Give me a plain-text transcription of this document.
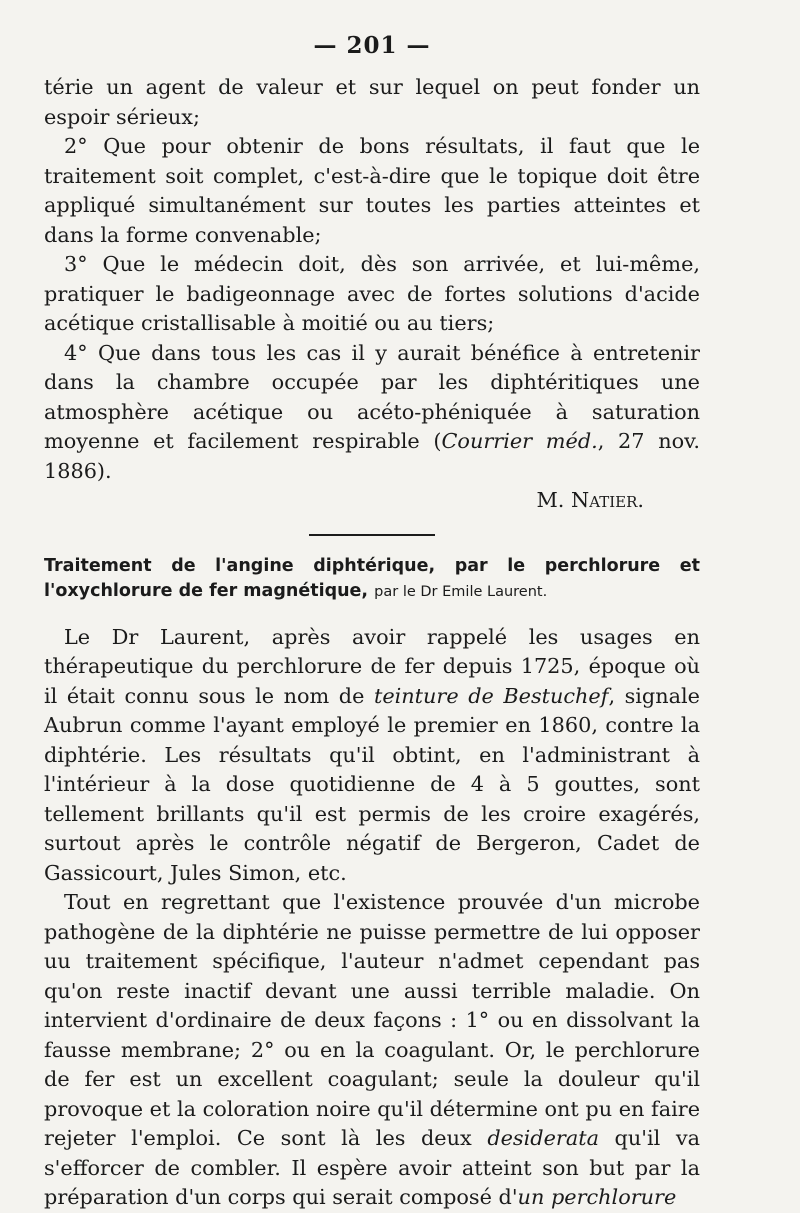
— 201 —

térie un agent de valeur et sur lequel on peut fonder un espoir sérieux;

2° Que pour obtenir de bons résultats, il faut que le traitement soit complet, c'est-à-dire que le topique doit être appliqué simultanément sur toutes les parties atteintes et dans la forme convenable;

3° Que le médecin doit, dès son arrivée, et lui-même, pratiquer le badigeonnage avec de fortes solutions d'acide acétique cristallisable à moitié ou au tiers;

4° Que dans tous les cas il y aurait bénéfice à entretenir dans la chambre occupée par les diphtéritiques une atmosphère acétique ou acéto-phéniquée à saturation moyenne et facilement respirable (Courrier méd., 27 nov. 1886).

M. Natier.
Traitement de l'angine diphtérique, par le perchlorure et l'oxychlorure de fer magnétique, par le Dr Emile Laurent.

Le Dr Laurent, après avoir rappelé les usages en thérapeutique du perchlorure de fer depuis 1725, époque où il était connu sous le nom de teinture de Bestuchef, signale Aubrun comme l'ayant employé le premier en 1860, contre la diphtérie. Les résultats qu'il obtint, en l'administrant à l'intérieur à la dose quotidienne de 4 à 5 gouttes, sont tellement brillants qu'il est permis de les croire exagérés, surtout après le contrôle négatif de Bergeron, Cadet de Gassicourt, Jules Simon, etc.

Tout en regrettant que l'existence prouvée d'un microbe pathogène de la diphtérie ne puisse permettre de lui opposer uu traitement spécifique, l'auteur n'admet cependant pas qu'on reste inactif devant une aussi terrible maladie. On intervient d'ordinaire de deux façons : 1° ou en dissolvant la fausse membrane; 2° ou en la coagulant. Or, le perchlorure de fer est un excellent coagulant; seule la douleur qu'il provoque et la coloration noire qu'il détermine ont pu en faire rejeter l'emploi. Ce sont là les deux desiderata qu'il va s'efforcer de combler. Il espère avoir atteint son but par la préparation d'un corps qui serait composé d'un perchlorure
